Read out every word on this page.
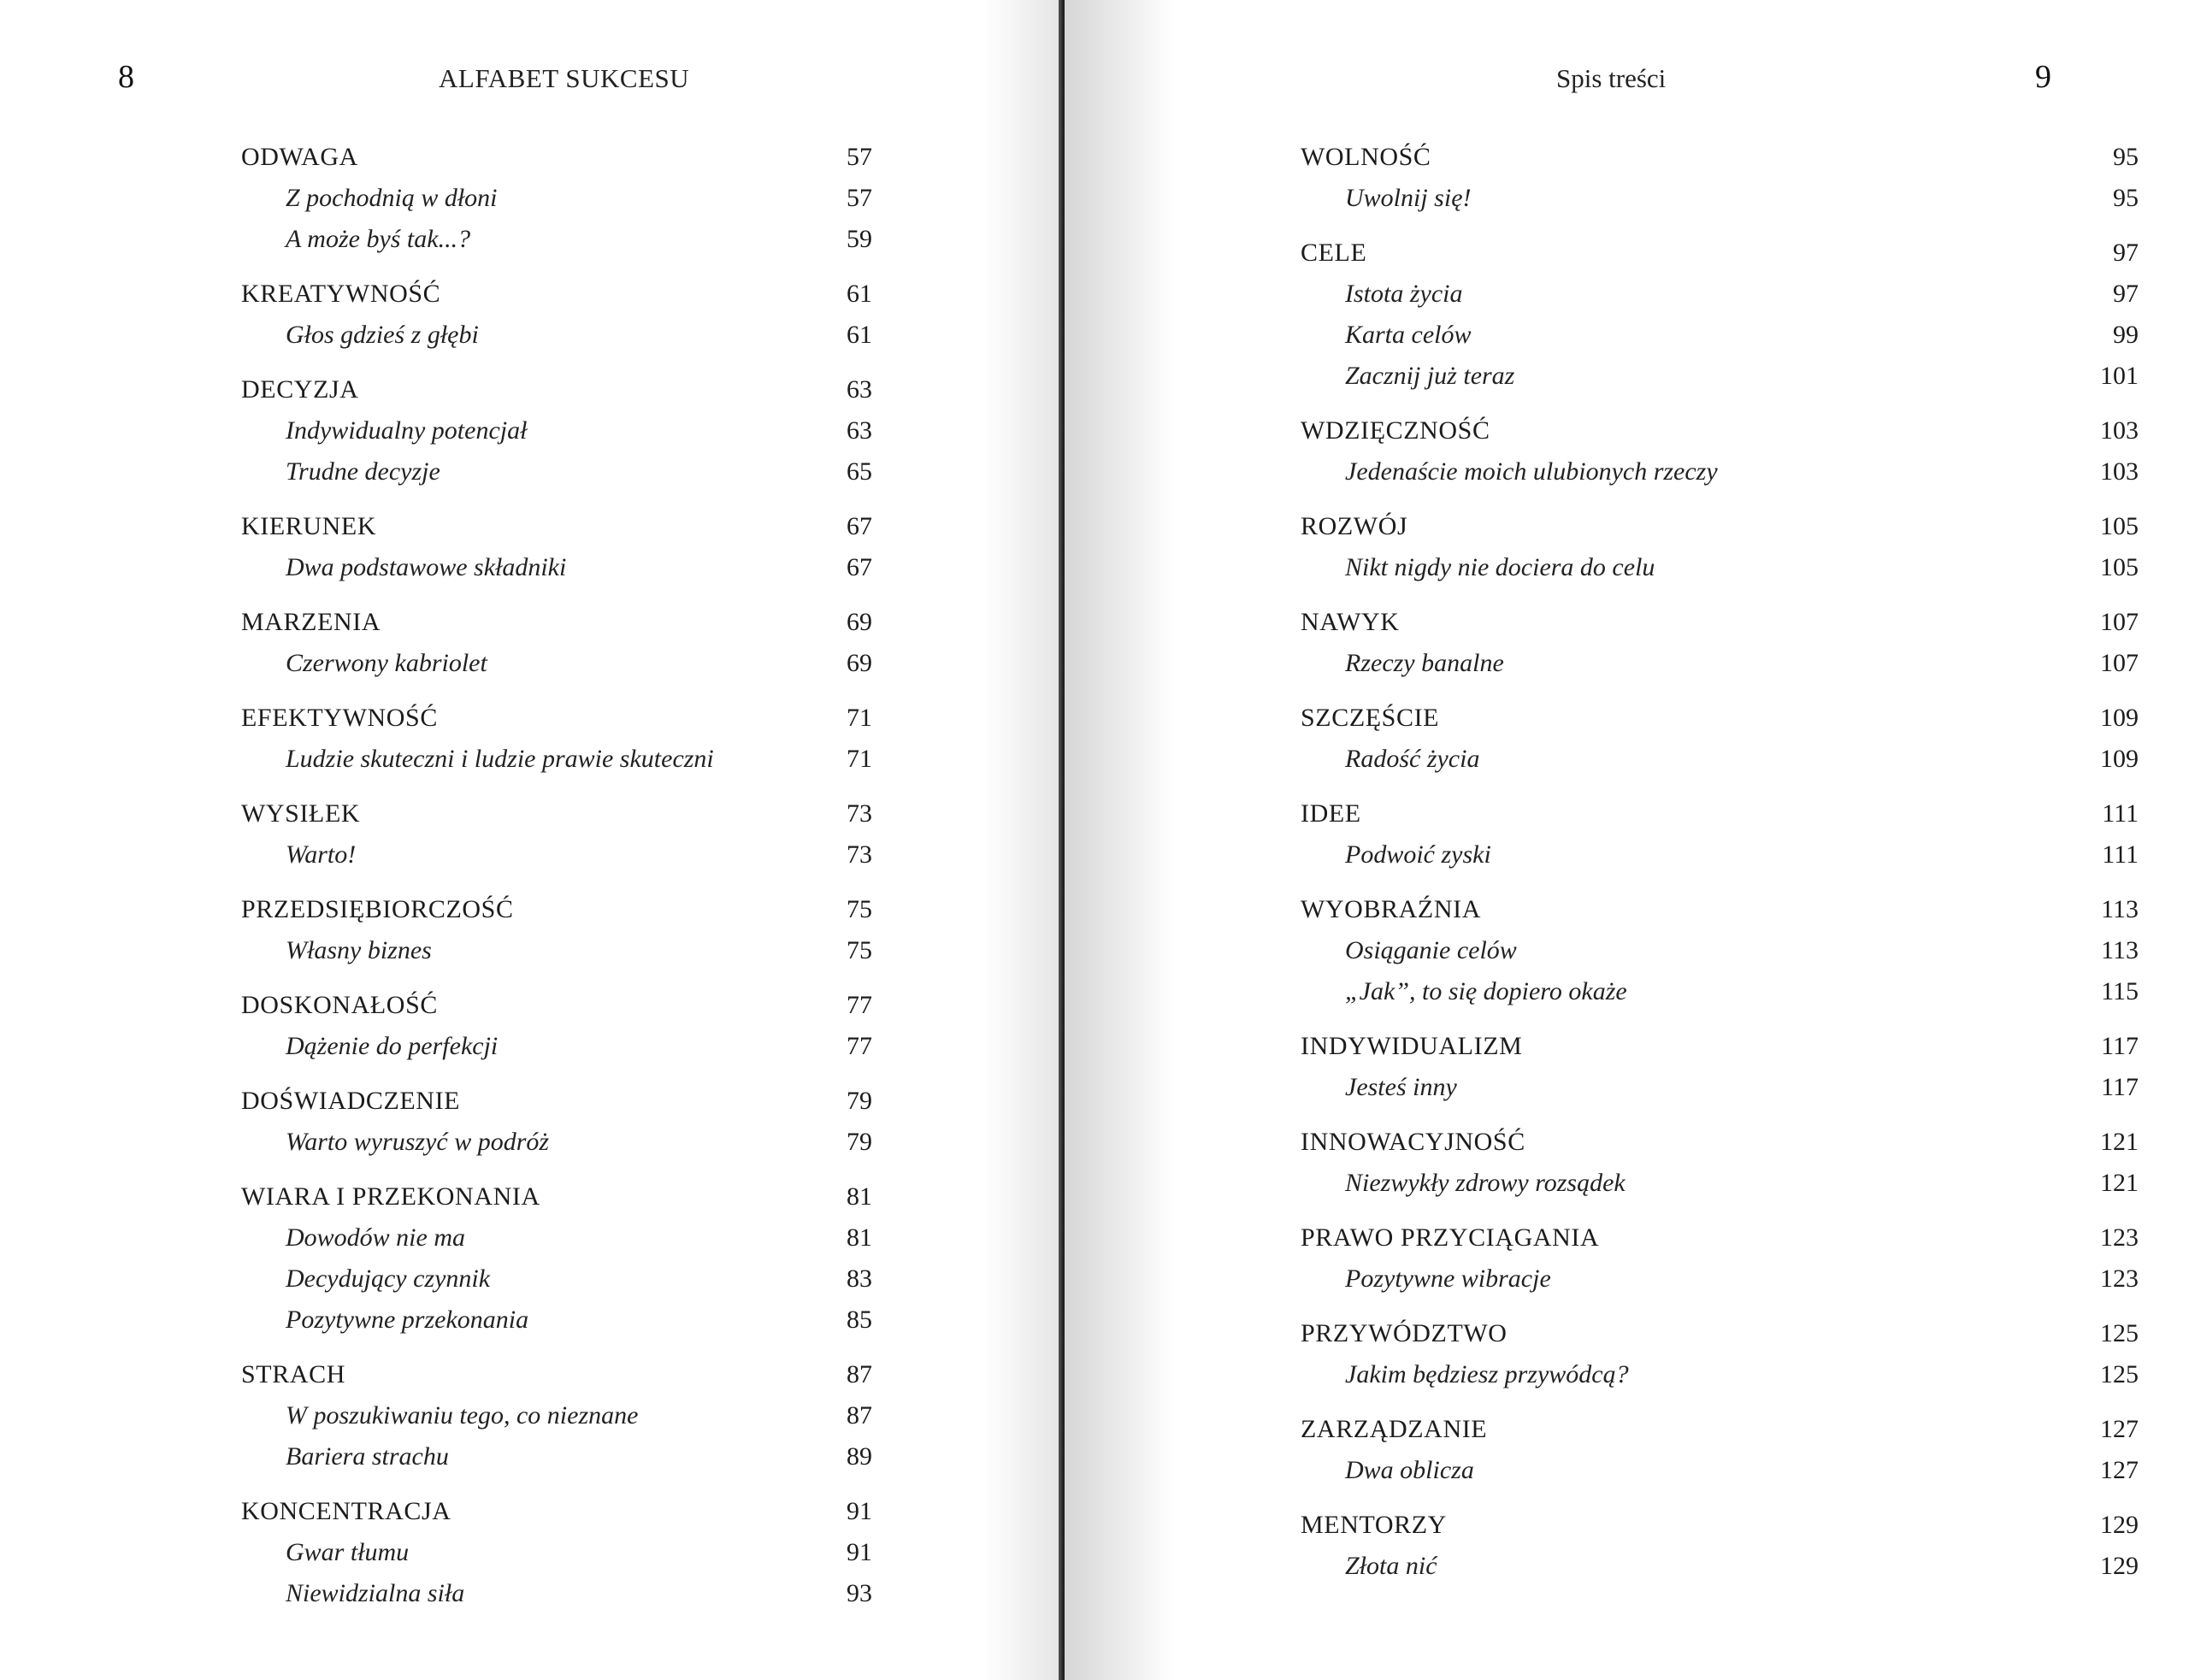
8	ALFABET SUKCESU
ODWAGA	57
Z pochodnią w dłoni	57
A może byś tak...?	59
KREATYWNOŚĆ	61
Głos gdzieś z głębi	61
DECYZJA	63
Indywidualny potencjał	63
Trudne decyzje	65
KIERUNEK	67
Dwa podstawowe składniki	67
MARZENIA	69
Czerwony kabriolet	69
EFEKTYWNOŚĆ	71
Ludzie skuteczni i ludzie prawie skuteczni	71
WYSIŁEK	73
Warto!	73
PRZEDSIĘBIORCZOŚĆ	75
Własny biznes	75
DOSKONAŁOŚĆ	77
Dążenie do perfekcji	77
DOŚWIADCZENIE	79
Warto wyruszyć w podróż	79
WIARA I PRZEKONANIA	81
Dowodów nie ma	81
Decydujący czynnik	83
Pozytywne przekonania	85
STRACH	87
W poszukiwaniu tego, co nieznane	87
Bariera strachu	89
KONCENTRACJA	91
Gwar tłumu	91
Niewidzialna siła	93
Spis treści	9
WOLNOŚĆ	95
Uwolnij się!	95
CELE	97
Istota życia	97
Karta celów	99
Zacznij już teraz	101
WDZIĘCZNOŚĆ	103
Jedenaście moich ulubionych rzeczy	103
ROZWÓJ	105
Nikt nigdy nie dociera do celu	105
NAWYK	107
Rzeczy banalne	107
SZCZĘŚCIE	109
Radość życia	109
IDEE	111
Podwoić zyski	111
WYOBRAŹNIA	113
Osiąganie celów	113
„Jak”, to się dopiero okaże	115
INDYWIDUALIZM	117
Jesteś inny	117
INNOWACYJNOŚĆ	121
Niezwykły zdrowy rozsądek	121
PRAWO PRZYCIĄGANIA	123
Pozytywne wibracje	123
PRZYWÓDZTWO	125
Jakim będziesz przywódcą?	125
ZARZĄDZANIE	127
Dwa oblicza	127
MENTORZY	129
Złota nić	129
